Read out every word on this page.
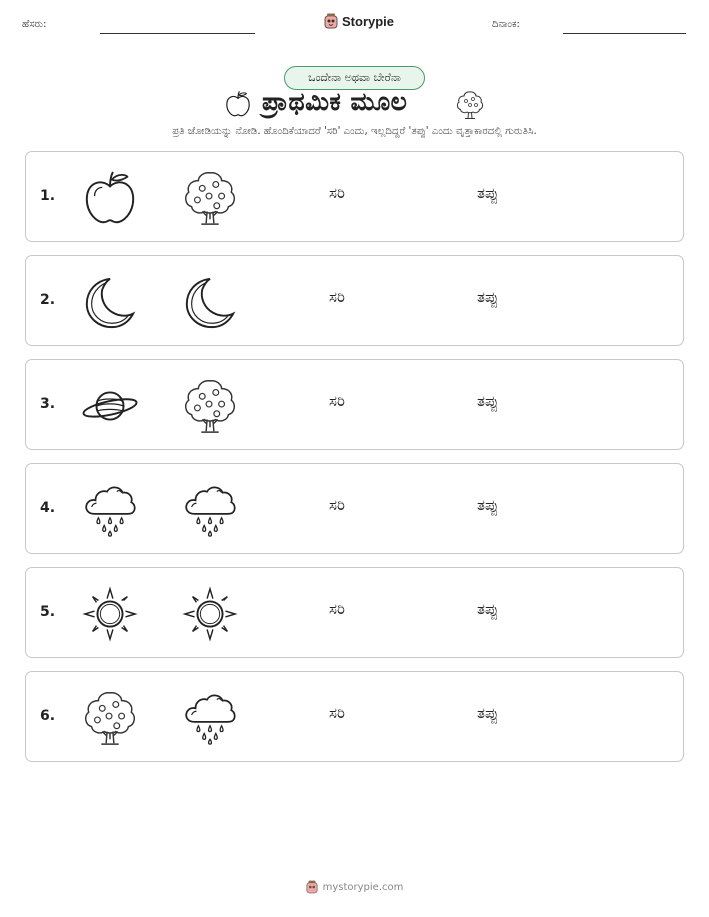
ಹೆಸರು:	Storypie	ದಿನಾಂಕ:
ಒಂದೇನಾ ಅಥವಾ ಬೇರೆನಾ
ಪ್ರಾಥಮಿಕ ಮೂಲ
ಪ್ರತಿ ಜೋಡಿಯನ್ನು ನೋಡಿ. ಹೊಂದಿಕೆಯಾದರೆ 'ಸರಿ' ಎಂದು, ಇಲ್ಲದಿದ್ದರೆ 'ತಪ್ಪು' ಎಂದು ವೃತ್ತಾಕಾರದಲ್ಲಿ ಗುರುತಿಸಿ.
1.	ಸರಿ	ತಪ್ಪು
2.	ಸರಿ	ತಪ್ಪು
3.	ಸರಿ	ತಪ್ಪು
4.	ಸರಿ	ತಪ್ಪು
5.	ಸರಿ	ತಪ್ಪು
6.	ಸರಿ	ತಪ್ಪು
mystorypie.com
